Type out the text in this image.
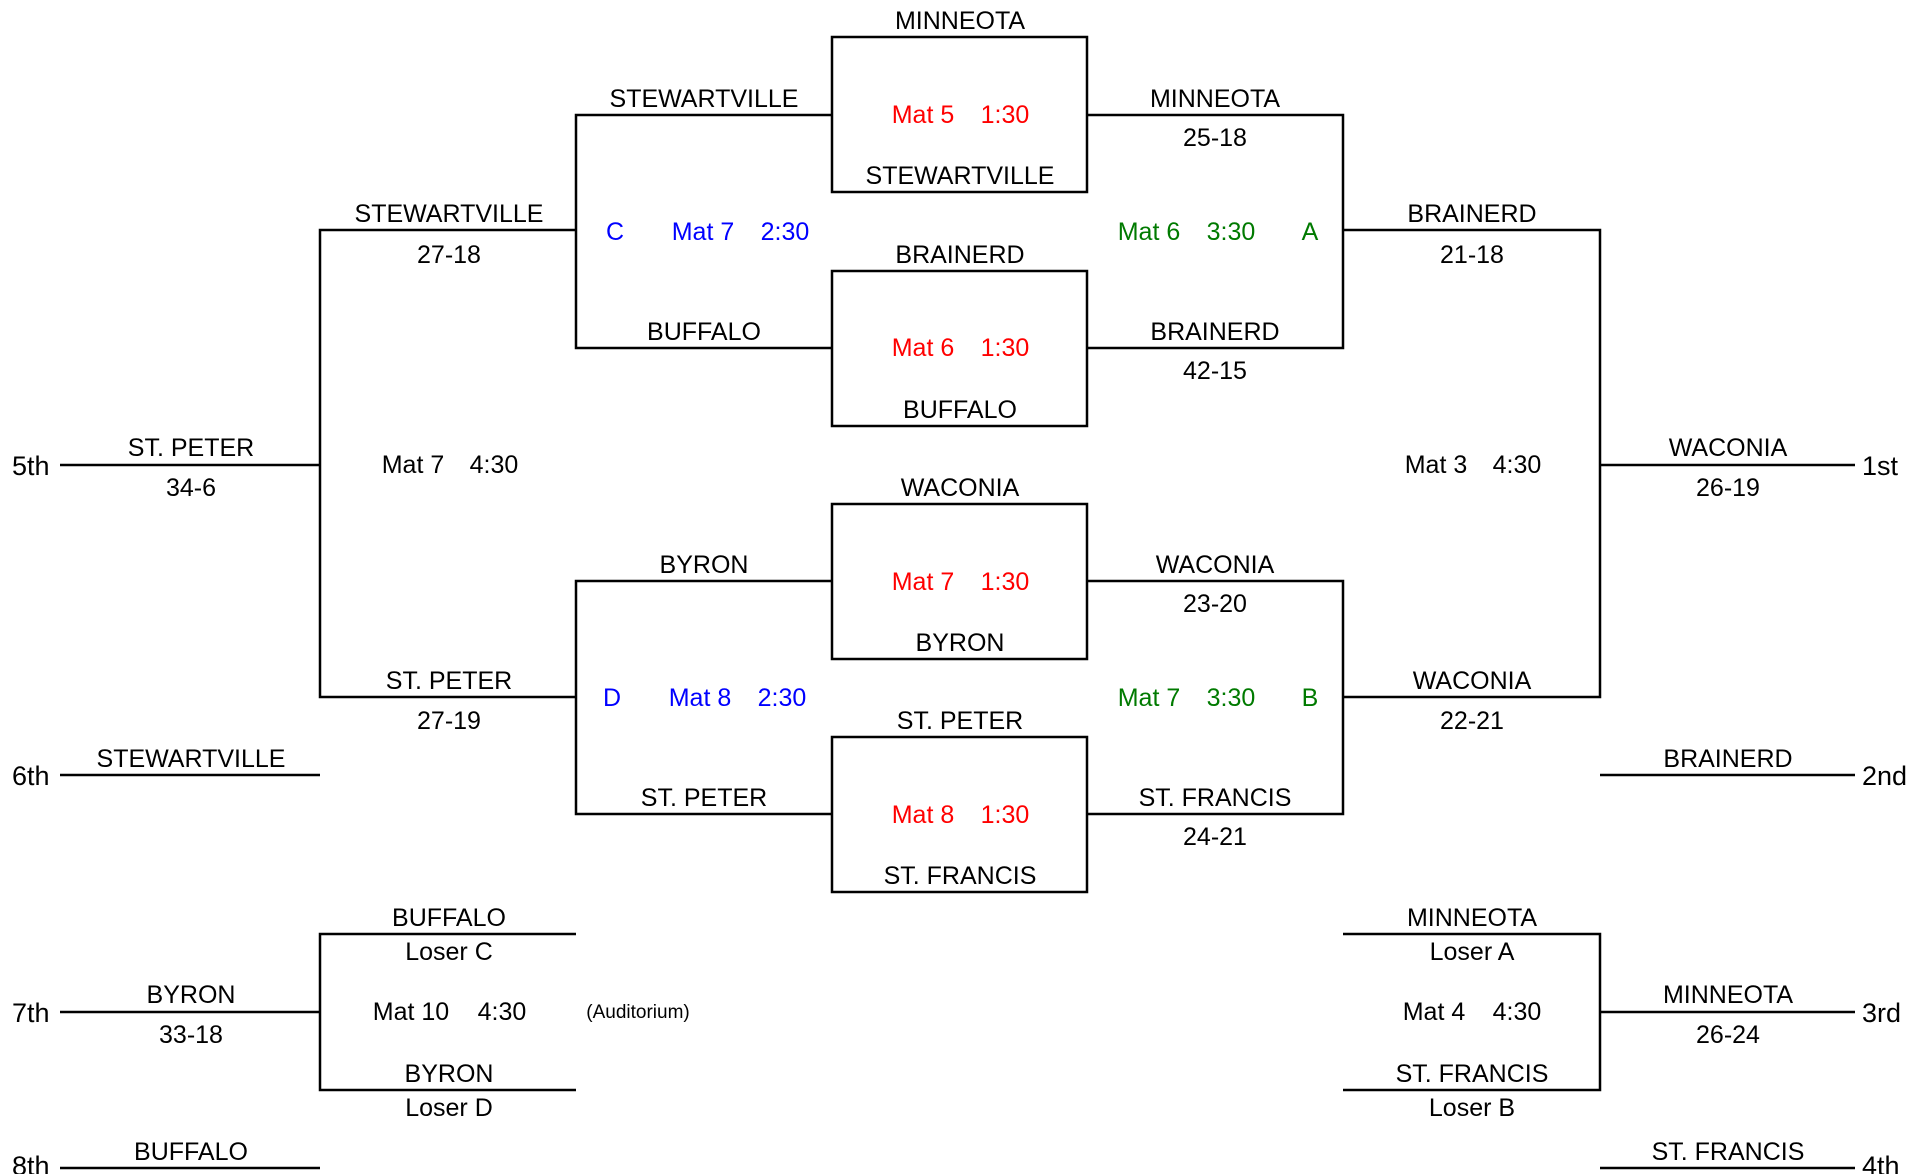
MINNEOTA
Mat 5 1:30
STEWARTVILLE
BRAINERD
Mat 6 1:30
BUFFALO
WACONIA
Mat 7 1:30
BYRON
ST. PETER
Mat 8 1:30
ST. FRANCIS
STEWARTVILLE
BUFFALO
BYRON
ST. PETER
MINNEOTA
25-18
BRAINERD
42-15
WACONIA
23-20
ST. FRANCIS
24-21
C Mat 7 2:30
STEWARTVILLE
27-18
D Mat 8 2:30
ST. PETER
27-19
Mat 6 3:30 A
BRAINERD
21-18
Mat 7 3:30 B
WACONIA
22-21
Mat 7 4:30
ST. PETER
34-6
Mat 3 4:30
WACONIA
26-19
BUFFALO
Loser C
Mat 10 4:30	(Auditorium)
BYRON
Loser D
BYRON
33-18
MINNEOTA
Loser A
Mat 4 4:30
ST. FRANCIS
Loser B
MINNEOTA
26-24
5th
6th
STEWARTVILLE
7th
8th	BUFFALO
1st
2nd
BRAINERD
3rd
4th
ST. FRANCIS
